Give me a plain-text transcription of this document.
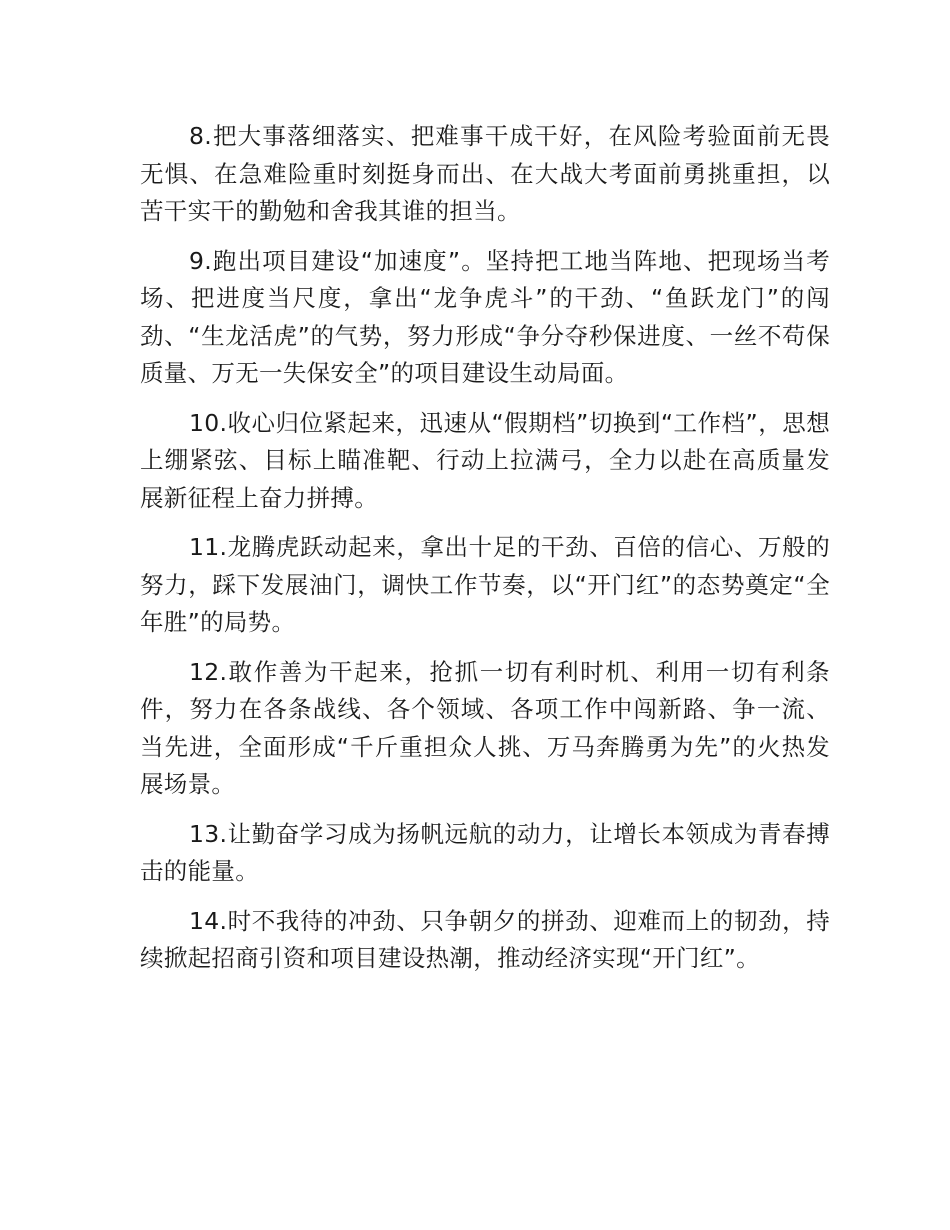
8.把大事落细落实、把难事干成干好，在风险考验面前无畏无惧、在急难险重时刻挺身而出、在大战大考面前勇挑重担，以苦干实干的勤勉和舍我其谁的担当。

9.跑出项目建设“加速度”。坚持把工地当阵地、把现场当考场、把进度当尺度，拿出“龙争虎斗”的干劲、“鱼跃龙门”的闯劲、“生龙活虎”的气势，努力形成“争分夺秒保进度、一丝不苟保质量、万无一失保安全”的项目建设生动局面。

10.收心归位紧起来，迅速从“假期档”切换到“工作档”，思想上绷紧弦、目标上瞄准靶、行动上拉满弓，全力以赴在高质量发展新征程上奋力拼搏。

11.龙腾虎跃动起来，拿出十足的干劲、百倍的信心、万般的努力，踩下发展油门，调快工作节奏，以“开门红”的态势奠定“全年胜”的局势。

12.敢作善为干起来，抢抓一切有利时机、利用一切有利条件，努力在各条战线、各个领域、各项工作中闯新路、争一流、当先进，全面形成“千斤重担众人挑、万马奔腾勇为先”的火热发展场景。

13.让勤奋学习成为扬帆远航的动力，让增长本领成为青春搏击的能量。

14.时不我待的冲劲、只争朝夕的拼劲、迎难而上的韧劲，持续掀起招商引资和项目建设热潮，推动经济实现“开门红”。
